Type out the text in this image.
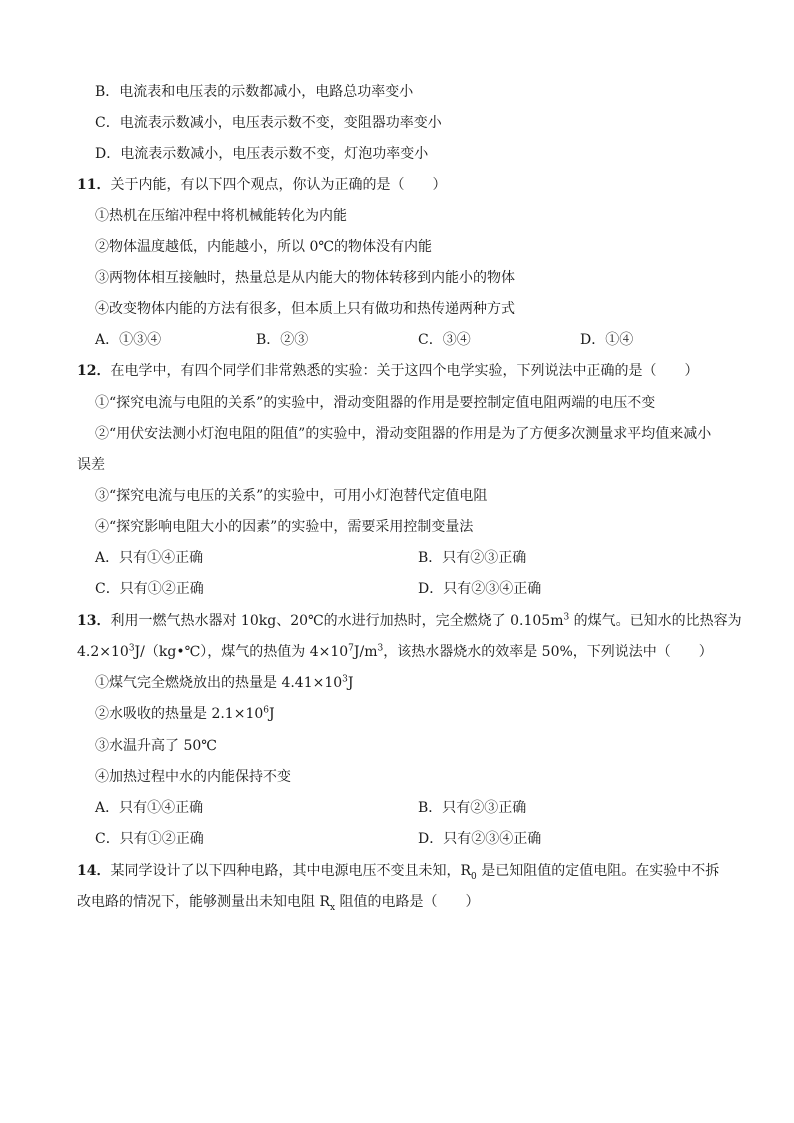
B．电流表和电压表的示数都减小，电路总功率变小
C．电流表示数减小，电压表示数不变，变阻器功率变小
D．电流表示数减小，电压表示数不变，灯泡功率变小
11．关于内能，有以下四个观点，你认为正确的是（　　）
①热机在压缩冲程中将机械能转化为内能
②物体温度越低，内能越小，所以 0℃的物体没有内能
③两物体相互接触时，热量总是从内能大的物体转移到内能小的物体
④改变物体内能的方法有很多，但本质上只有做功和热传递两种方式
A．①③④	B．②③	C．③④	D．①④
12．在电学中，有四个同学们非常熟悉的实验：关于这四个电学实验，下列说法中正确的是（　　）
①“探究电流与电阻的关系”的实验中，滑动变阻器的作用是要控制定值电阻两端的电压不变
②“用伏安法测小灯泡电阻的阻值”的实验中，滑动变阻器的作用是为了方便多次测量求平均值来减小
误差
③“探究电流与电压的关系”的实验中，可用小灯泡替代定值电阻
④“探究影响电阻大小的因素”的实验中，需要采用控制变量法
A．只有①④正确	B．只有②③正确
C．只有①②正确	D．只有②③④正确
13．利用一燃气热水器对 10kg、20℃的水进行加热时，完全燃烧了 $0.105m^3$ 的煤气。已知水的比热容为
$4.2\times 10^3J/(kg•℃)$，煤气的热值为 $4\times 10^7J/m^3$，该热水器烧水的效率是 50%，下列说法中（　　）
①煤气完全燃烧放出的热量是 $4.41\times 10^3J$
②水吸收的热量是 $2.1\times 10^6J$
③水温升高了 50℃
④加热过程中水的内能保持不变
A．只有①④正确	B．只有②③正确
C．只有①②正确	D．只有②③④正确
14．某同学设计了以下四种电路，其中电源电压不变且未知，$R_0$ 是已知阻值的定值电阻。在实验中不拆
改电路的情况下，能够测量出未知电阻 $R_x$ 阻值的电路是（　　）
